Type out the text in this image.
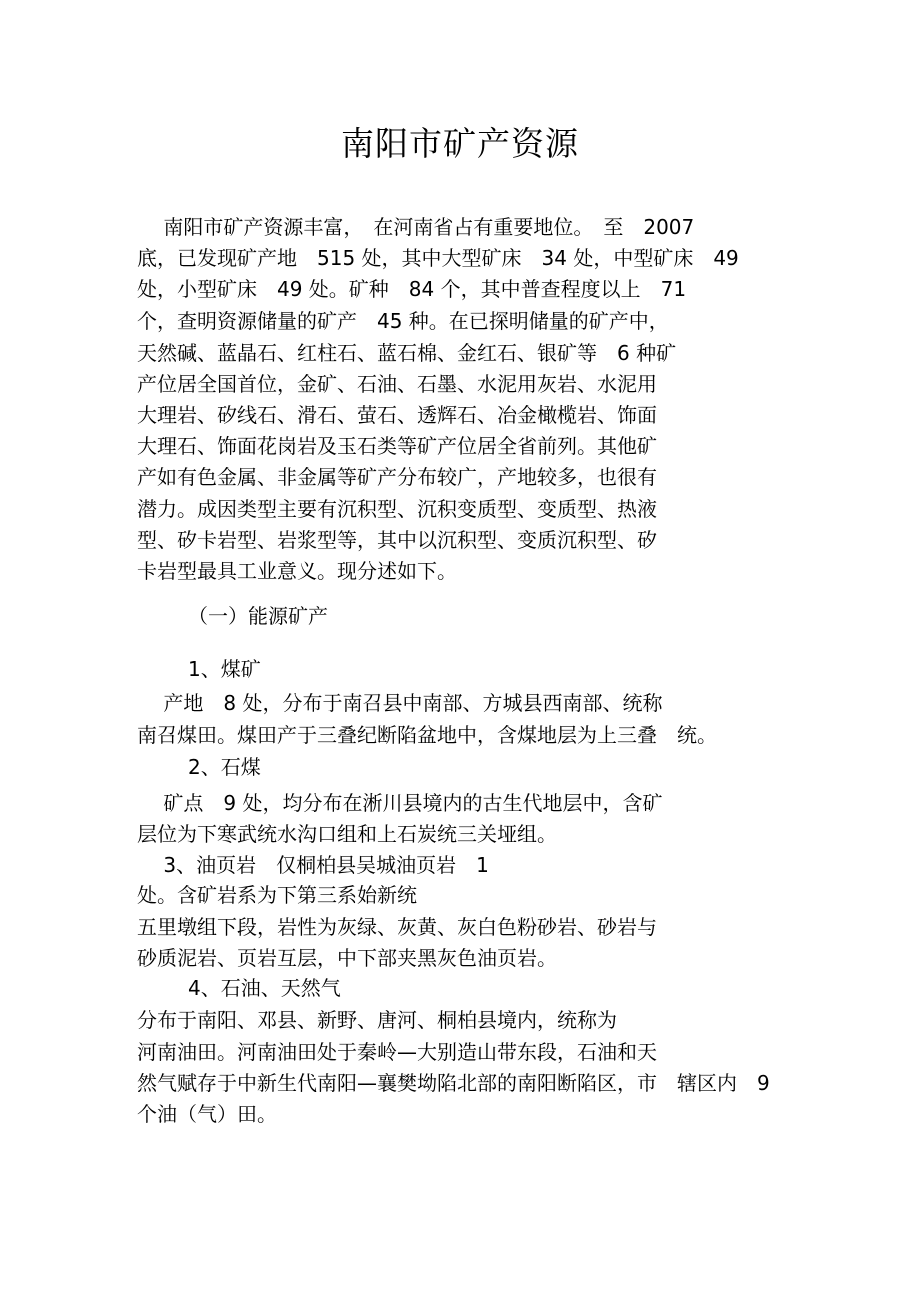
南阳市矿产资源
　 南阳市矿产资源丰富，　在河南省占有重要地位。　至　2007
底，已发现矿产地　515 处，其中大型矿床　34 处，中型矿床　49
处，小型矿床　49 处。矿种　84 个，其中普查程度以上　71
个，查明资源储量的矿产　45 种。在已探明储量的矿产中，
天然碱、蓝晶石、红柱石、蓝石棉、金红石、银矿等　6 种矿
产位居全国首位，金矿、石油、石墨、水泥用灰岩、水泥用
大理岩、矽线石、滑石、萤石、透辉石、冶金橄榄岩、饰面
大理石、饰面花岗岩及玉石类等矿产位居全省前列。其他矿
产如有色金属、非金属等矿产分布较广，产地较多，也很有
潜力。成因类型主要有沉积型、沉积变质型、变质型、热液
型、矽卡岩型、岩浆型等，其中以沉积型、变质沉积型、矽
卡岩型最具工业意义。现分述如下。
（一）能源矿产
1、煤矿
　 产地　8 处，分布于南召县中南部、方城县西南部、统称
南召煤田。煤田产于三叠纪断陷盆地中，含煤地层为上三叠　统。
2、石煤
　 矿点　9 处，均分布在淅川县境内的古生代地层中，含矿
层位为下寒武统水沟口组和上石炭统三关垭组。
　 3、油页岩　仅桐柏县吴城油页岩　1
处。含矿岩系为下第三系始新统
五里墩组下段，岩性为灰绿、灰黄、灰白色粉砂岩、砂岩与
砂质泥岩、页岩互层，中下部夹黑灰色油页岩。
4、石油、天然气
分布于南阳、邓县、新野、唐河、桐柏县境内，统称为
河南油田。河南油田处于秦岭—大别造山带东段，石油和天
然气赋存于中新生代南阳—襄樊坳陷北部的南阳断陷区，市　辖区内　9
个油（气）田。
